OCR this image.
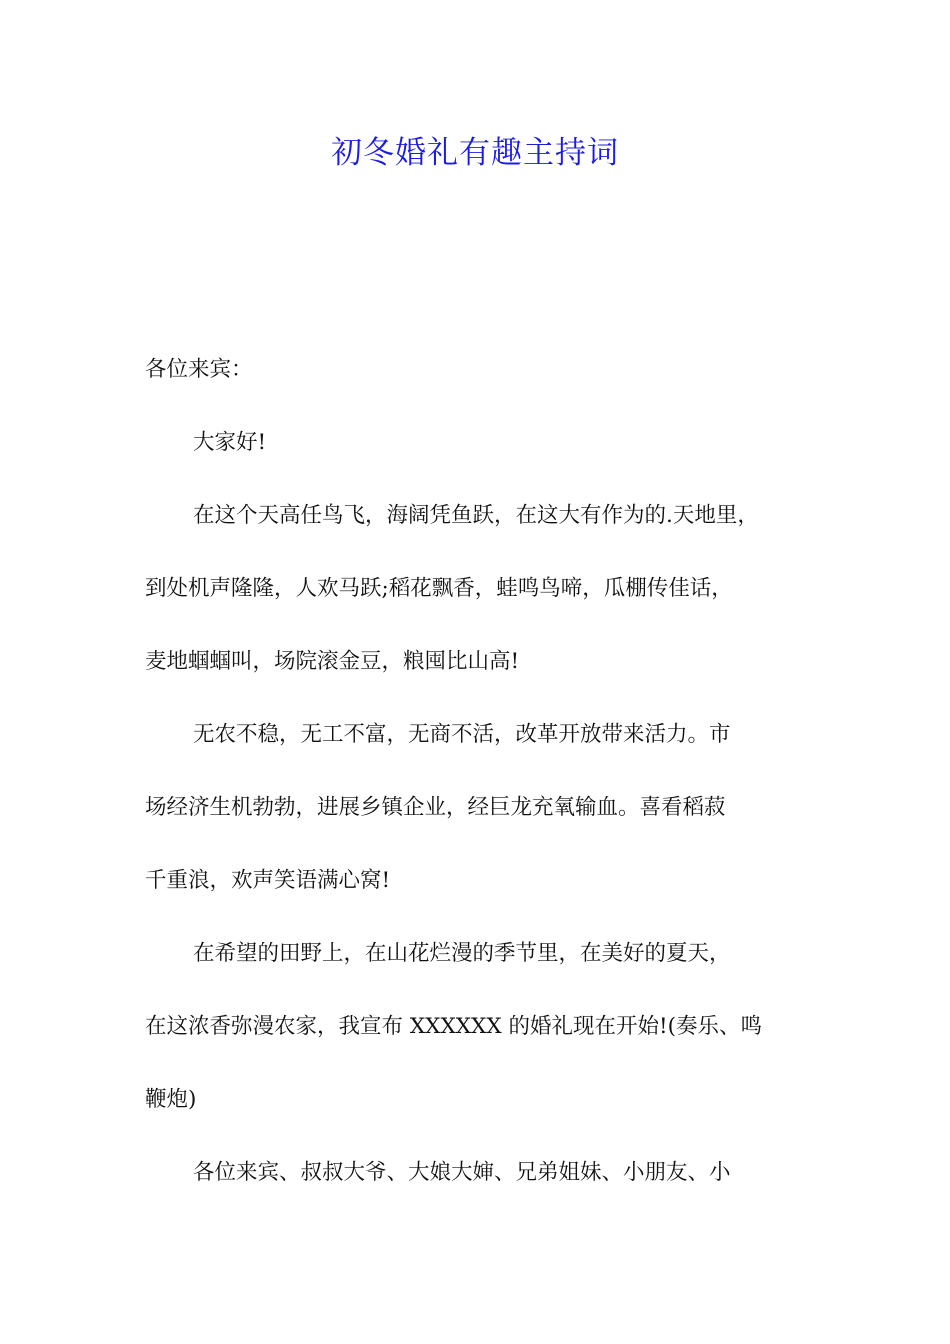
初冬婚礼有趣主持词
各位来宾：
大家好!
在这个天高任鸟飞，海阔凭鱼跃，在这大有作为的.天地里，
到处机声隆隆，人欢马跃;稻花飘香，蛙鸣鸟啼，瓜棚传佳话，
麦地蝈蝈叫，场院滚金豆，粮囤比山高!
无农不稳，无工不富，无商不活，改革开放带来活力。市
场经济生机勃勃，进展乡镇企业，经巨龙充氧输血。喜看稻菽
千重浪，欢声笑语满心窝!
在希望的田野上，在山花烂漫的季节里，在美好的夏天，
在这浓香弥漫农家，我宣布 XXXXXX 的婚礼现在开始!(奏乐、鸣
鞭炮)
各位来宾、叔叔大爷、大娘大婶、兄弟姐妹、小朋友、小
